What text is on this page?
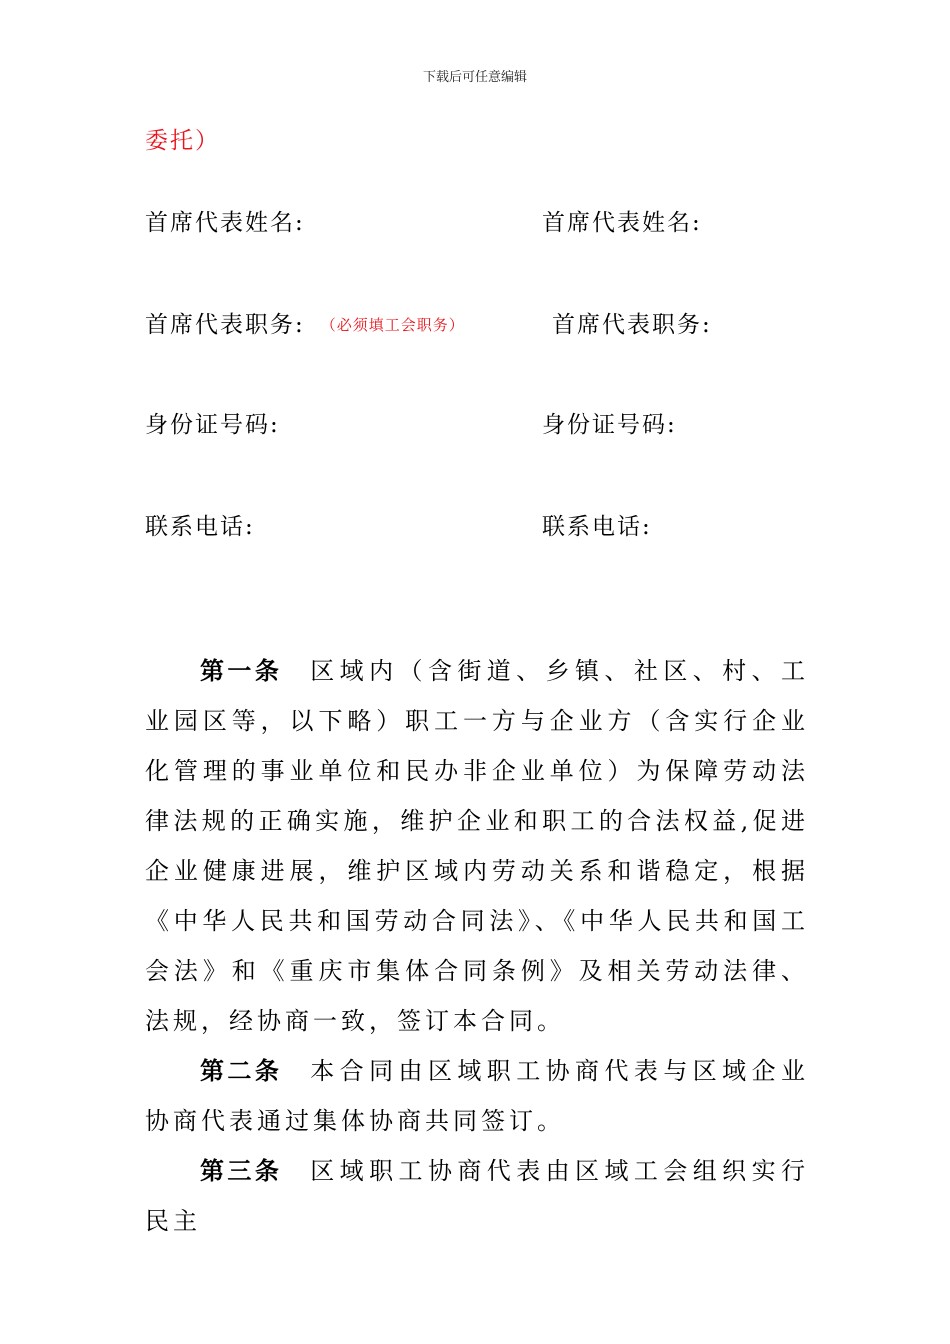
下载后可任意编辑
委托）
首席代表姓名:	首席代表姓名:
首席代表职务: （必须填工会职务）	首席代表职务:
身份证号码:	身份证号码:
联系电话:	联系电话:
第一条 区域内（含街道、乡镇、社区、村、工业园区等，以下略）职工一方与企业方（含实行企业化管理的事业单位和民办非企业单位）为保障劳动法律法规的正确实施，维护企业和职工的合法权益,促进企业健康进展，维护区域内劳动关系和谐稳定，根据《中华人民共和国劳动合同法》、《中华人民共和国工会法》和《重庆市集体合同条例》及相关劳动法律、法规，经协商一致，签订本合同。
第二条 本合同由区域职工协商代表与区域企业协商代表通过集体协商共同签订。
第三条 区域职工协商代表由区域工会组织实行民主
